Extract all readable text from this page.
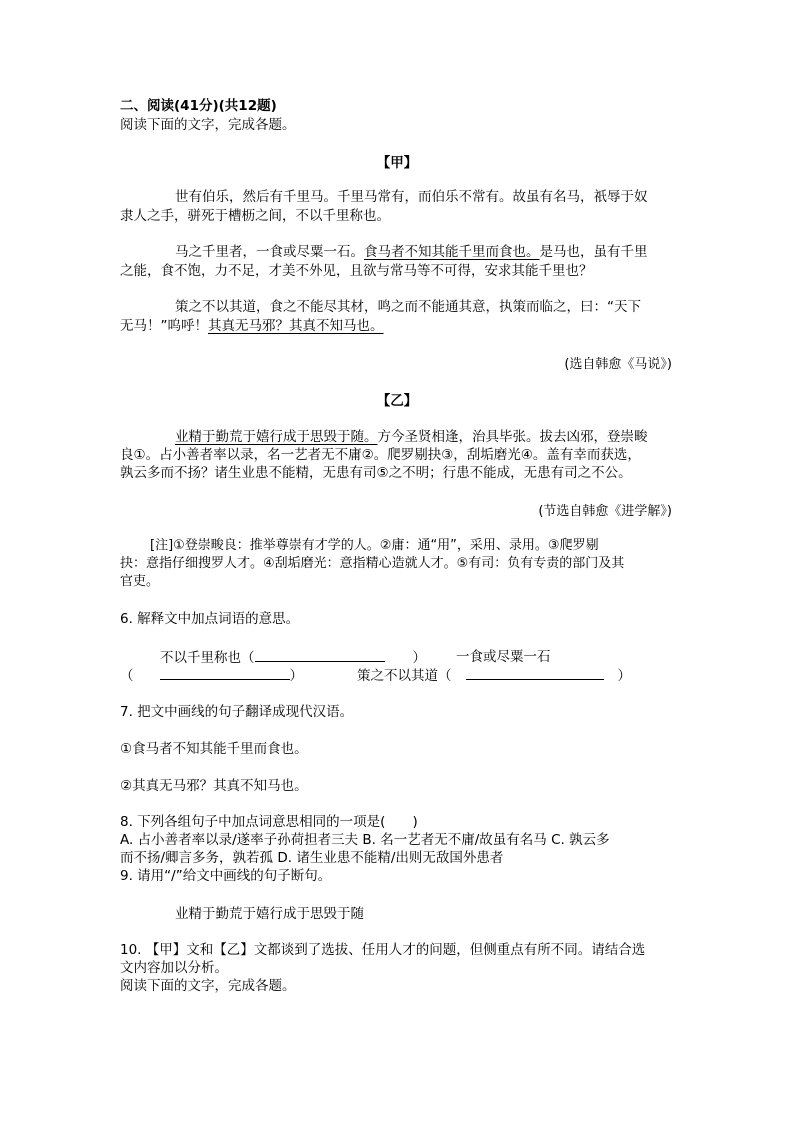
二、阅读(41分)(共12题)
阅读下面的文字，完成各题。
【甲】
世有伯乐，然后有千里马。千里马常有，而伯乐不常有。故虽有名马，祇辱于奴
隶人之手，骈死于槽枥之间，不以千里称也。
马之千里者，一食或尽粟一石。食马者不知其能千里而食也。是马也，虽有千里
之能，食不饱，力不足，才美不外见，且欲与常马等不可得，安求其能千里也？
策之不以其道，食之不能尽其材，鸣之而不能通其意，执策而临之，曰：“天下
无马！”呜呼！其真无马邪？其真不知马也。
(选自韩愈《马说》)
【乙】
业精于勤荒于嬉行成于思毁于随。方今圣贤相逢，治具毕张。拔去凶邪，登崇畯
良①。占小善者率以录，名一艺者无不庸②。爬罗剔抉③，刮垢磨光④。盖有幸而获选，
孰云多而不扬？诸生业患不能精，无患有司⑤之不明；行患不能成，无患有司之不公。
(节选自韩愈《进学解》)
[注]①登崇畯良：推举尊崇有才学的人。②庸：通“用”，采用、录用。③爬罗剔
抉：意指仔细搜罗人才。④刮垢磨光：意指精心造就人才。⑤有司：负有专责的部门及其
官吏。
6. 解释文中加点词语的意思。
不以千里称也（	） 一食或尽粟一石
（	）	策之不以其道（	）
7. 把文中画线的句子翻译成现代汉语。
①食马者不知其能千里而食也。
②其真无马邪？其真不知马也。
8. 下列各组句子中加点词意思相同的一项是(　　)
A. 占小善者率以录/遂率子孙荷担者三夫 B. 名一艺者无不庸/故虽有名马 C. 孰云多
而不扬/卿言多务，孰若孤 D. 诸生业患不能精/出则无敌国外患者
9. 请用“/”给文中画线的句子断句。
业精于勤荒于嬉行成于思毁于随
10. 【甲】文和【乙】文都谈到了选拔、任用人才的问题，但侧重点有所不同。请结合选
文内容加以分析。
阅读下面的文字，完成各题。
